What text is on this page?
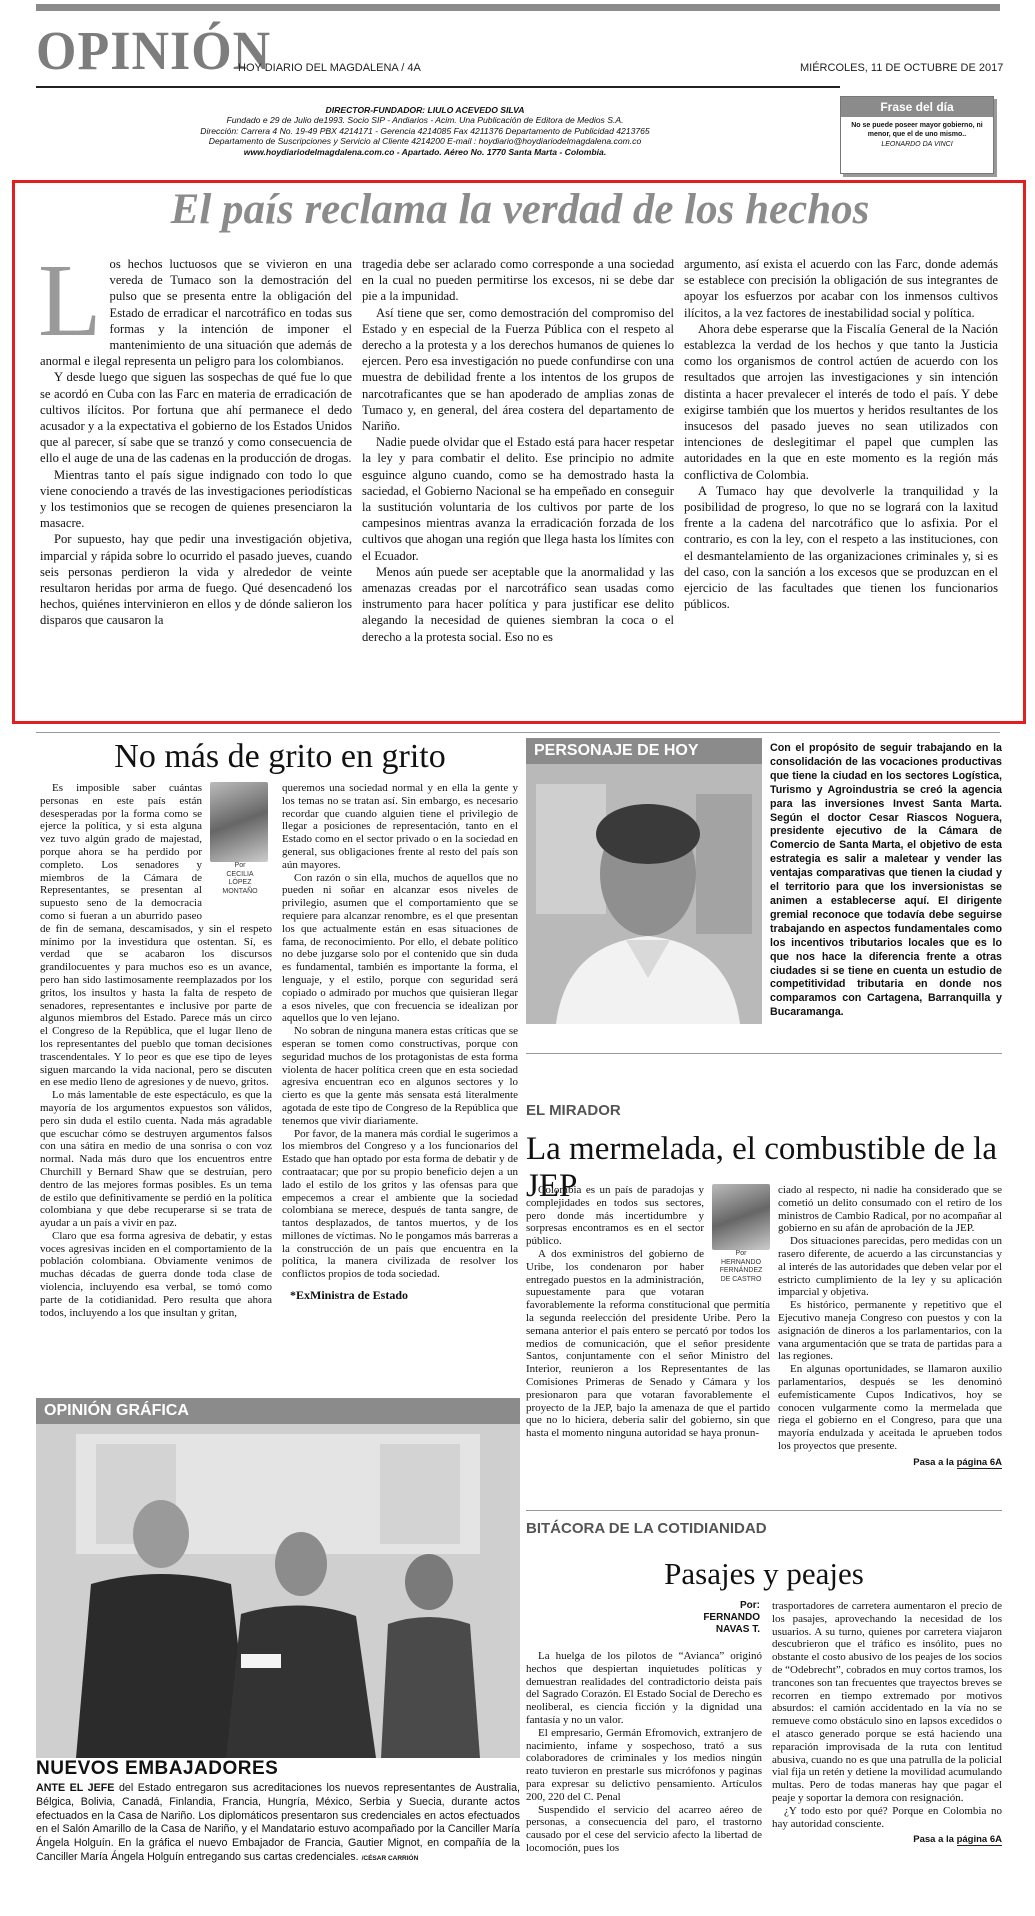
OPINIÓN
HOY DIARIO DEL MAGDALENA / 4A	MIÉRCOLES, 11 DE OCTUBRE DE 2017
DIRECTOR-FUNDADOR: LIULO ACEVEDO SILVA
Fundado e 29 de Julio de1993. Socio SIP - Andiarios - Acim. Una Publicación de Editora de Medios S.A.
Dirección: Carrera 4 No. 19-49 PBX 4214171 - Gerencia 4214085 Fax 4211376 Departamento de Publicidad 4213765
Departamento de Suscripciones y Servicio al Cliente 4214200 E-mail : hoydiario@hoydiariodelmagdalena.com.co
www.hoydiariodelmagdalena.com.co - Apartado. Aéreo No. 1770 Santa Marta - Colombia.
Frase del día
No se puede poseer mayor gobierno, ni menor, que el de uno mismo..
LEONARDO DA VINCI
El país reclama la verdad de los hechos
L os hechos luctuosos que se vivieron en una vereda de Tumaco son la demostración del pulso que se presenta entre la obligación del Estado de erradicar el narcotráfico en todas sus formas y la intención de imponer el mantenimiento de una situación que además de anormal e ilegal representa un peligro para los colombianos.

Y desde luego que siguen las sospechas de qué fue lo que se acordó en Cuba con las Farc en materia de erradicación de cultivos ilícitos. Por fortuna que ahí permanece el dedo acusador y a la expectativa el gobierno de los Estados Unidos que al parecer, sí sabe que se tranzó y como consecuencia de ello el auge de una de las cadenas en la producción de drogas.

Mientras tanto el país sigue indignado con todo lo que viene conociendo a través de las investigaciones periodísticas y los testimonios que se recogen de quienes presenciaron la masacre.

Por supuesto, hay que pedir una investigación objetiva, imparcial y rápida sobre lo ocurrido el pasado jueves, cuando seis personas perdieron la vida y alrededor de veinte resultaron heridas por arma de fuego. Qué desencadenó los hechos, quiénes intervinieron en ellos y de dónde salieron los disparos que causaron la

tragedia debe ser aclarado como corresponde a una sociedad en la cual no pueden permitirse los excesos, ni se debe dar pie a la impunidad.

Así tiene que ser, como demostración del compromiso del Estado y en especial de la Fuerza Pública con el respeto al derecho a la protesta y a los derechos humanos de quienes lo ejercen. Pero esa investigación no puede confundirse con una muestra de debilidad frente a los intentos de los grupos de narcotraficantes que se han apoderado de amplias zonas de Tumaco y, en general, del área costera del departamento de Nariño.

Nadie puede olvidar que el Estado está para hacer respetar la ley y para combatir el delito. Ese principio no admite esguince alguno cuando, como se ha demostrado hasta la saciedad, el Gobierno Nacional se ha empeñado en conseguir la sustitución voluntaria de los cultivos por parte de los campesinos mientras avanza la erradicación forzada de los cultivos que ahogan una región que llega hasta los límites con el Ecuador.

Menos aún puede ser aceptable que la anormalidad y las amenazas creadas por el narcotráfico sean usadas como instrumento para hacer política y para justificar ese delito alegando la necesidad de quienes siembran la coca o el derecho a la protesta social. Eso no es

argumento, así exista el acuerdo con las Farc, donde además se establece con precisión la obligación de sus integrantes de apoyar los esfuerzos por acabar con los inmensos cultivos ilícitos, a la vez factores de inestabilidad social y política.

Ahora debe esperarse que la Fiscalía General de la Nación establezca la verdad de los hechos y que tanto la Justicia como los organismos de control actúen de acuerdo con los resultados que arrojen las investigaciones y sin intención distinta a hacer prevalecer el interés de todo el país. Y debe exigirse también que los muertos y heridos resultantes de los insucesos del pasado jueves no sean utilizados con intenciones de deslegitimar el papel que cumplen las autoridades en la que en este momento es la región más conflictiva de Colombia.

A Tumaco hay que devolverle la tranquilidad y la posibilidad de progreso, lo que no se logrará con la laxitud frente a la cadena del narcotráfico que lo asfixia. Por el contrario, es con la ley, con el respeto a las instituciones, con el desmantelamiento de las organizaciones criminales y, si es del caso, con la sanción a los excesos que se produzcan en el ejercicio de las facultades que tienen los funcionarios públicos.

No más de grito en grito
Por
CECILIA
LÓPEZ
MONTAÑO

Es imposible saber cuántas personas en este país están desesperadas por la forma como se ejerce la política, y si esta alguna vez tuvo algún grado de majestad, porque ahora se ha perdido por completo. Los senadores y miembros de la Cámara de Representantes, se presentan al supuesto seno de la democracia como si fueran a un aburrido paseo de fin de semana, descamisados, y sin el respeto mínimo por la investidura que ostentan. Sí, es verdad que se acabaron los discursos grandilocuentes y para muchos eso es un avance, pero han sido lastimosamente reemplazados por los gritos, los insultos y hasta la falta de respeto de senadores, representantes e inclusive por parte de algunos miembros del Estado. Parece más un circo el Congreso de la República, que el lugar lleno de los representantes del pueblo que toman decisiones trascendentales. Y lo peor es que ese tipo de leyes siguen marcando la vida nacional, pero se discuten en ese medio lleno de agresiones y de nuevo, gritos.

Lo más lamentable de este espectáculo, es que la mayoría de los argumentos expuestos son válidos, pero sin duda el estilo cuenta. Nada más agradable que escuchar cómo se destruyen argumentos falsos con una sátira en medio de una sonrisa o con voz normal. Nada más duro que los encuentros entre Churchill y Bernard Shaw que se destruían, pero dentro de las mejores formas posibles. Es un tema de estilo que definitivamente se perdió en la política colombiana y que debe recuperarse si se trata de ayudar a un país a vivir en paz.

Claro que esa forma agresiva de debatir, y estas voces agresivas inciden en el comportamiento de la población colombiana. Obviamente venimos de muchas décadas de guerra donde toda clase de violencia, incluyendo esa verbal, se tomó como parte de la cotidianidad. Pero resulta que ahora todos, incluyendo a los que insultan y gritan,

queremos una sociedad normal y en ella la gente y los temas no se tratan así. Sin embargo, es necesario recordar que cuando alguien tiene el privilegio de llegar a posiciones de representación, tanto en el Estado como en el sector privado o en la sociedad en general, sus obligaciones frente al resto del país son aún mayores.

Con razón o sin ella, muchos de aquellos que no pueden ni soñar en alcanzar esos niveles de privilegio, asumen que el comportamiento que se requiere para alcanzar renombre, es el que presentan los que actualmente están en esas situaciones de fama, de reconocimiento. Por ello, el debate político no debe juzgarse solo por el contenido que sin duda es fundamental, también es importante la forma, el lenguaje, y el estilo, porque con seguridad será copiado o admirado por muchos que quisieran llegar a esos niveles, que con frecuencia se idealizan por aquellos que lo ven lejano.

No sobran de ninguna manera estas críticas que se esperan se tomen como constructivas, porque con seguridad muchos de los protagonistas de esta forma violenta de hacer política creen que en esta sociedad agresiva encuentran eco en algunos sectores y lo cierto es que la gente más sensata está literalmente agotada de este tipo de Congreso de la República que tenemos que vivir diariamente.

Por favor, de la manera más cordial le sugerimos a los miembros del Congreso y a los funcionarios del Estado que han optado por esta forma de debatir y de contraatacar; que por su propio beneficio dejen a un lado el estilo de los gritos y las ofensas para que empecemos a crear el ambiente que la sociedad colombiana se merece, después de tanta sangre, de tantos desplazados, de tantos muertos, y de los millones de víctimas. No le pongamos más barreras a la construcción de un país que encuentra en la política, la manera civilizada de resolver los conflictos propios de toda sociedad.

*ExMinistra de Estado
PERSONAJE DE HOY	Con el propósito de seguir trabajando en la consolidación de las vocaciones productivas que tiene la ciudad en los sectores Logística, Turismo y Agroindustria se creó la agencia para las inversiones Invest Santa Marta. Según el doctor Cesar Riascos Noguera, presidente ejecutivo de la Cámara de Comercio de Santa Marta, el objetivo de esta estrategia es salir a maletear y vender las ventajas comparativas que tienen la ciudad y el territorio para que los inversionistas se animen a establecerse aquí. El dirigente gremial reconoce que todavía debe seguirse trabajando en aspectos fundamentales como los incentivos tributarios locales que es lo que nos hace la diferencia frente a otras ciudades si se tiene en cuenta un estudio de competitividad tributaria en donde nos comparamos con Cartagena, Barranquilla y Bucaramanga.
EL MIRADOR
La mermelada, el combustible de la JEP
Por
HERNANDO
FERNÁNDEZ
DE CASTRO

Colombia es un país de paradojas y complejidades en todos sus sectores, pero donde más incertidumbre y sorpresas encontramos es en el sector público.

A dos exministros del gobierno de Uribe, los condenaron por haber entregado puestos en la administración, supuestamente para que votaran favorablemente la reforma constitucional que permitía la segunda reelección del presidente Uribe. Pero la semana anterior el país entero se percató por todos los medios de comunicación, que el señor presidente Santos, conjuntamente con el señor Ministro del Interior, reunieron a los Representantes de las Comisiones Primeras de Senado y Cámara y los presionaron para que votaran favorablemente el proyecto de la JEP, bajo la amenaza de que el partido que no lo hiciera, debería salir del gobierno, sin que hasta el momento ninguna autoridad se haya pronun-

ciado al respecto, ni nadie ha considerado que se cometió un delito consumado con el retiro de los ministros de Cambio Radical, por no acompañar al gobierno en su afán de aprobación de la JEP.

Dos situaciones parecidas, pero medidas con un rasero diferente, de acuerdo a las circunstancias y al interés de las autoridades que deben velar por el estricto cumplimiento de la ley y su aplicación imparcial y objetiva.

Es histórico, permanente y repetitivo que el Ejecutivo maneja Congreso con puestos y con la asignación de dineros a los parlamentarios, con la vana argumentación que se trata de partidas para a las regiones.

En algunas oportunidades, se llamaron auxilio parlamentarios, después se les denominó eufemísticamente Cupos Indicativos, hoy se conocen vulgarmente como la mermelada que riega el gobierno en el Congreso, para que una mayoría endulzada y aceitada le aprueben todos los proyectos que presente.

Pasa a la página 6A
OPINIÓN GRÁFICA
NUEVOS EMBAJADORES
ANTE EL JEFE del Estado entregaron sus acreditaciones los nuevos representantes de Australia, Bélgica, Bolivia, Canadá, Finlandia, Francia, Hungría, México, Serbia y Suecia, durante actos efectuados en la Casa de Nariño. Los diplomáticos presentaron sus credenciales en actos efectuados en el Salón Amarillo de la Casa de Nariño, y el Mandatario estuvo acompañado por la Canciller María Ángela Holguín. En la gráfica el nuevo Embajador de Francia, Gautier Mignot, en compañía de la Canciller María Ángela Holguín entregando sus cartas credenciales. /CÉSAR CARRIÓN
BITÁCORA DE LA COTIDIANIDAD
Pasajes y peajes
Por:
FERNANDO
NAVAS T.

La huelga de los pilotos de “Avianca” originó hechos que despiertan inquietudes políticas y demuestran realidades del contradictorio deista país del Sagrado Corazón. El Estado Social de Derecho es neoliberal, es ciencia ficción y la dignidad una fantasía y no un valor.

El empresario, Germán Efromovich, extranjero de nacimiento, infame y sospechoso, trató a sus colaboradores de criminales y los medios ningún reato tuvieron en prestarle sus micrófonos y paginas para expresar su delictivo pensamiento. Artículos 200, 220 del C. Penal

Suspendido el servicio del acarreo aéreo de personas, a consecuencia del paro, el trastorno causado por el cese del servicio afecto la libertad de locomoción, pues los

trasportadores de carretera aumentaron el precio de los pasajes, aprovechando la necesidad de los usuarios. A su turno, quienes por carretera viajaron descubrieron que el tráfico es insólito, pues no obstante el costo abusivo de los peajes de los socios de “Odebrecht”, cobrados en muy cortos tramos, los trancones son tan frecuentes que trayectos breves se recorren en tiempo extremado por motivos absurdos: el camión accidentado en la vía no se remueve como obstáculo sino en lapsos excedidos o el atasco generado porque se está haciendo una reparación improvisada de la ruta con lentitud abusiva, cuando no es que una patrulla de la policial vial fija un retén y detiene la movilidad acumulando multas. Pero de todas maneras hay que pagar el peaje y soportar la demora con resignación.

¿Y todo esto por qué? Porque en Colombia no hay autoridad consciente.

Pasa a la página 6A
